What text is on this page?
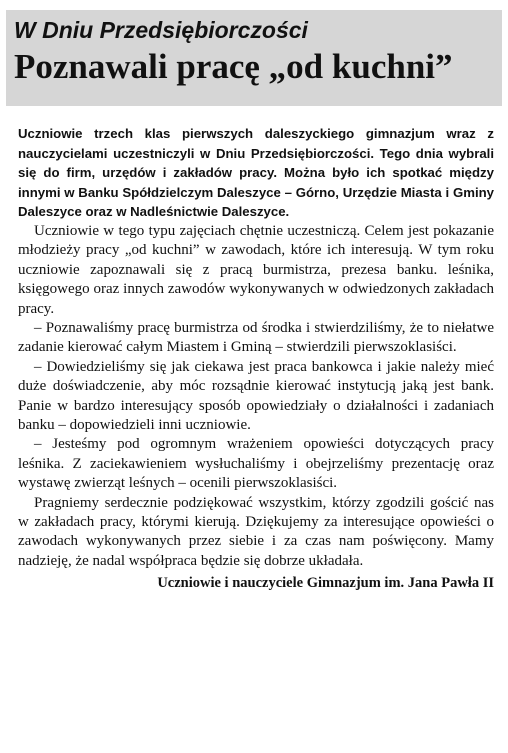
W Dniu Przedsiębiorczości
Poznawali pracę „od kuchni”
Uczniowie trzech klas pierwszych daleszyckiego gimnazjum wraz z nauczycielami uczestniczyli w Dniu Przedsiębiorczości. Tego dnia wybrali się do firm, urzędów i zakładów pracy. Można było ich spotkać między innymi w Banku Spółdzielczym Daleszyce – Górno, Urzędzie Miasta i Gminy Daleszyce oraz w Nadleśnictwie Daleszyce.

Uczniowie w tego typu zajęciach chętnie uczestniczą. Celem jest pokazanie młodzieży pracy „od kuchni” w zawodach, które ich interesują. W tym roku uczniowie zapoznawali się z pracą burmistrza, prezesa banku. leśnika, księgowego oraz innych zawodów wykonywanych w odwiedzonych zakładach pracy.

– Poznawaliśmy pracę burmistrza od środka i stwierdziliśmy, że to niełatwe zadanie kierować całym Miastem i Gminą – stwierdzili pierwszoklasiści.

– Dowiedzieliśmy się jak ciekawa jest praca bankowca i jakie należy mieć duże doświadczenie, aby móc rozsądnie kierować instytucją jaką jest bank. Panie w bardzo interesujący sposób opowiedziały o działalności i zadaniach banku – dopowiedzieli inni uczniowie.

– Jesteśmy pod ogromnym wrażeniem opowieści dotyczących pracy leśnika. Z zaciekawieniem wysłuchaliśmy i obejrzeliśmy prezentację oraz wystawę zwierząt leśnych – ocenili pierwszoklasiści.

Pragniemy serdecznie podziękować wszystkim, którzy zgodzili gościć nas w zakładach pracy, którymi kierują. Dziękujemy za interesujące opowieści o zawodach wykonywanych przez siebie i za czas nam poświęcony. Mamy nadzieję, że nadal współpraca będzie się dobrze układała.

Uczniowie i nauczyciele Gimnazjum im. Jana Pawła II
